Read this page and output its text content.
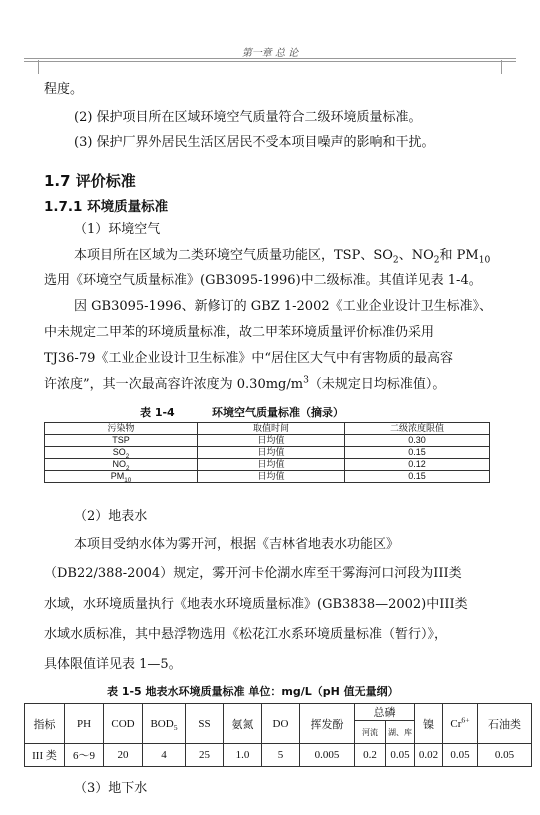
第一章 总 论
程度。
(2) 保护项目所在区域环境空气质量符合二级环境质量标准。
(3) 保护厂界外居民生活区居民不受本项目噪声的影响和干扰。
1.7 评价标准
1.7.1 环境质量标准
（1）环境空气
本项目所在区域为二类环境空气质量功能区，TSP、$SO_2$、$NO_2$和 $PM_{10}$
选用《环境空气质量标准》(GB3095-1996)中二级标准。其值详见表 1-4。
因 GB3095-1996、新修订的 GBZ 1-2002《工业企业设计卫生标准》、
中未规定二甲苯的环境质量标准，故二甲苯环境质量评价标准仍采用
TJ36-79《工业企业设计卫生标准》中“居住区大气中有害物质的最高容
许浓度”，其一次最高容许浓度为 $0.30mg/m^3$（未规定日均标准值）。
表 1-4	环境空气质量标准（摘录）
污染物	取值时间	二级浓度限值
TSP	日均值	0.30
$SO_2$	日均值	0.15
$NO_2$	日均值	0.12
$PM_{10}$	日均值	0.15
（2）地表水
本项目受纳水体为雾开河，根据《吉林省地表水功能区》
（DB22/388-2004）规定，雾开河卡伦湖水库至干雾海河口河段为III类
水域，水环境质量执行《地表水环境质量标准》(GB3838—2002)中III类
水域水质标准，其中悬浮物选用《松花江水系环境质量标准（暂行）》，
具体限值详见表 1—5。
表 1-5 地表水环境质量标准 单位：mg/L（pH 值无量纲）
指标	PH	COD	$BOD_5$	SS	氨氮	DO	挥发酚	总磷		镍	$Cr^{6+}$	石油类
								河流	湖、库			
III 类	6～9	20	4	25	1.0	5	0.005	0.2	0.05	0.02	0.05	0.05
（3）地下水
